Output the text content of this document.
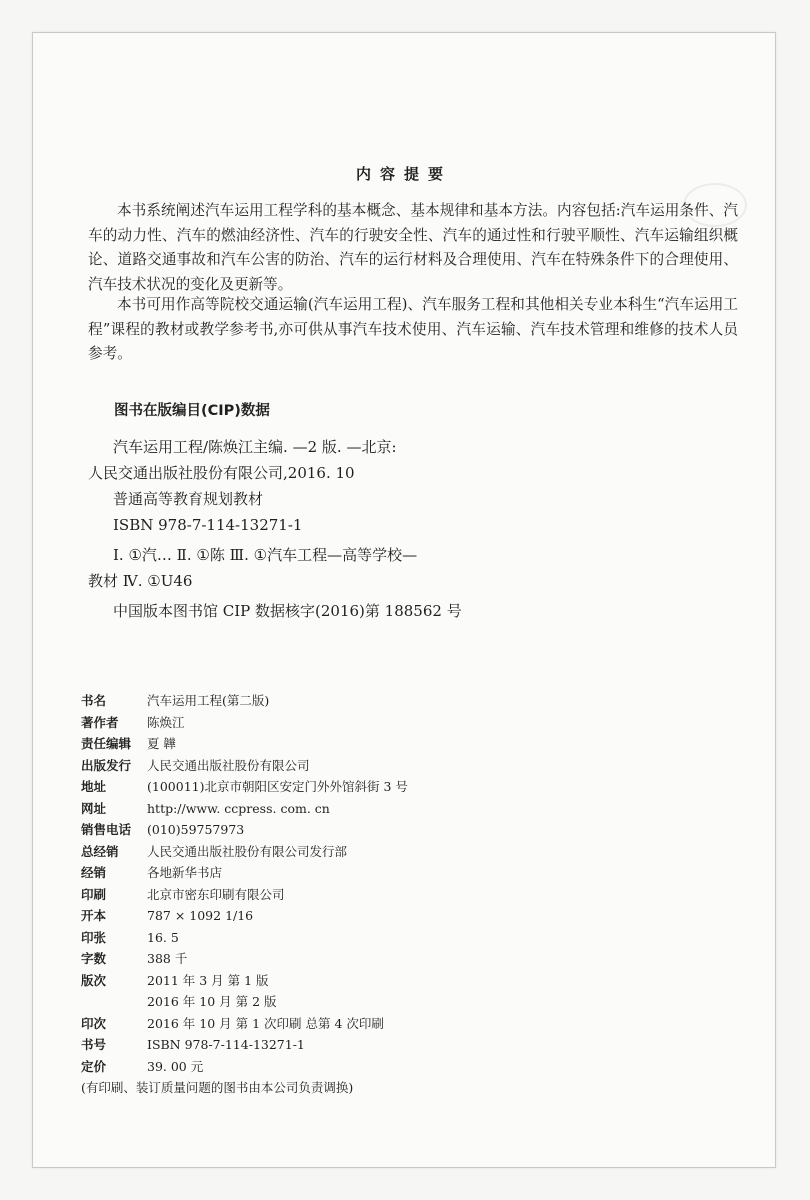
内容提要

本书系统阐述汽车运用工程学科的基本概念、基本规律和基本方法。内容包括:汽车运用条件、汽车的动力性、汽车的燃油经济性、汽车的行驶安全性、汽车的通过性和行驶平顺性、汽车运输组织概论、道路交通事故和汽车公害的防治、汽车的运行材料及合理使用、汽车在特殊条件下的合理使用、汽车技术状况的变化及更新等。

本书可用作高等院校交通运输(汽车运用工程)、汽车服务工程和其他相关专业本科生“汽车运用工程”课程的教材或教学参考书,亦可供从事汽车技术使用、汽车运输、汽车技术管理和维修的技术人员参考。

图书在版编目(CIP)数据
汽车运用工程/陈焕江主编. —2 版. —北京:
人民交通出版社股份有限公司,2016. 10
普通高等教育规划教材
ISBN 978-7-114-13271-1
Ⅰ. ①汽… Ⅱ. ①陈 Ⅲ. ①汽车工程—高等学校—
教材 Ⅳ. ①U46
中国版本图书馆 CIP 数据核字(2016)第 188562 号
书名	汽车运用工程(第二版)
著作者 陈焕江
责任编辑 夏 韡
出版发行 人民交通出版社股份有限公司
地址	(100011)北京市朝阳区安定门外外馆斜街 3 号
网址	http://www. ccpress. com. cn
销售电话 (010)59757973
总经销 人民交通出版社股份有限公司发行部
经销	各地新华书店
印刷	北京市密东印刷有限公司
开本	787 × 1092 1/16
印张	16. 5
字数	388 千
版次	2011 年 3 月 第 1 版
2016 年 10 月 第 2 版
印次	2016 年 10 月 第 1 次印刷 总第 4 次印刷
书号	ISBN 978-7-114-13271-1
定价	39. 00 元
(有印刷、装订质量问题的图书由本公司负责调换)
